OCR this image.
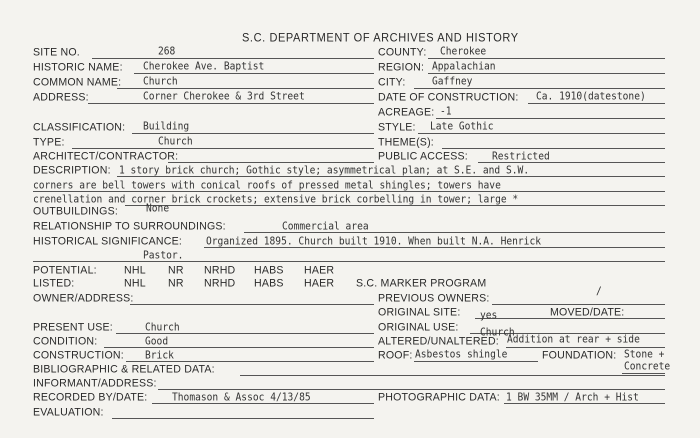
S.C. DEPARTMENT OF ARCHIVES AND HISTORY
SITE NO.	268
HISTORIC NAME: Cherokee Ave. Baptist
COMMON NAME: Church
ADDRESS:	Corner Cherokee & 3rd Street
COUNTY: Cherokee
REGION: Appalachian
CITY:	Gaffney
DATE OF CONSTRUCTION: Ca. 1910(datestone)
ACREAGE: -1
CLASSIFICATION: Building
TYPE:	Church
ARCHITECT/CONTRACTOR:
STYLE: Late Gothic
THEME(S):
PUBLIC ACCESS:	Restricted
DESCRIPTION: 1 story brick church; Gothic style; asymmetrical plan; at S.E. and S.W.
corners are bell towers with conical roofs of pressed metal shingles; towers have
crenellation and corner brick crockets; extensive brick corbelling in tower; large *
OUTBUILDINGS:	None
RELATIONSHIP TO SURROUNDINGS:	Commercial area
HISTORICAL SIGNIFICANCE: Organized 1895. Church built 1910. When built N.A. Henrick
Pastor.
POTENTIAL:	NHL NR NRHD HABS HAER
LISTED:	NHL NR NRHD HABS HAER S.C. MARKER PROGRAM
OWNER/ADDRESS:	PREVIOUS OWNERS:
/
ORIGINAL SITE: yes	MOVED/DATE:
PRESENT USE:	Church
CONDITION:	Good
CONSTRUCTION: Brick
BIBLIOGRAPHIC & RELATED DATA:
INFORMANT/ADDRESS:
RECORDED BY/DATE:	Thomason & Assoc 4/13/85
EVALUATION:
ORIGINAL USE: Church
ALTERED/UNALTERED: Addition at rear + side
ROOF: Asbestos shingle	FOUNDATION: Stone +
Concrete
PHOTOGRAPHIC DATA: 1 BW 35MM / Arch + Hist
